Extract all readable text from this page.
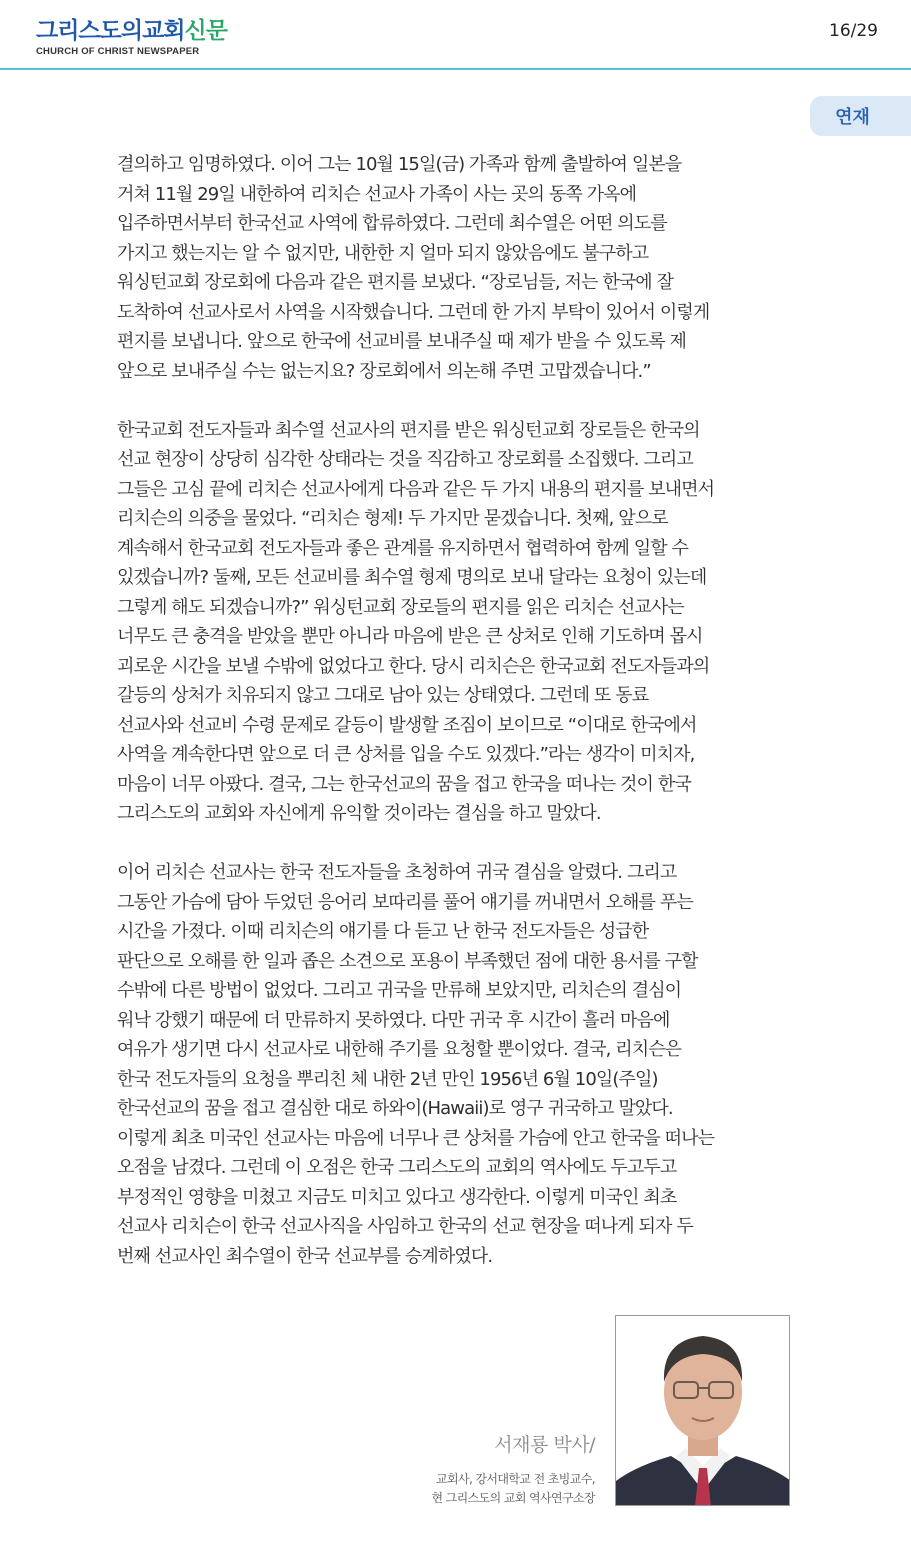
그리스도의교회신문
CHURCH OF CHRIST NEWSPAPER
16/29
연재
결의하고 임명하였다. 이어 그는 10월 15일(금) 가족과 함께 출발하여 일본을
거쳐 11월 29일 내한하여 리치슨 선교사 가족이 사는 곳의 동쪽 가옥에
입주하면서부터 한국선교 사역에 합류하였다. 그런데 최수열은 어떤 의도를
가지고 했는지는 알 수 없지만, 내한한 지 얼마 되지 않았음에도 불구하고
워싱턴교회 장로회에 다음과 같은 편지를 보냈다. “장로님들, 저는 한국에 잘
도착하여 선교사로서 사역을 시작했습니다. 그런데 한 가지 부탁이 있어서 이렇게
편지를 보냅니다. 앞으로 한국에 선교비를 보내주실 때 제가 받을 수 있도록 제
앞으로 보내주실 수는 없는지요? 장로회에서 의논해 주면 고맙겠습니다.”
한국교회 전도자들과 최수열 선교사의 편지를 받은 워싱턴교회 장로들은 한국의
선교 현장이 상당히 심각한 상태라는 것을 직감하고 장로회를 소집했다. 그리고
그들은 고심 끝에 리치슨 선교사에게 다음과 같은 두 가지 내용의 편지를 보내면서
리치슨의 의중을 물었다. “리치슨 형제! 두 가지만 묻겠습니다. 첫째, 앞으로
계속해서 한국교회 전도자들과 좋은 관계를 유지하면서 협력하여 함께 일할 수
있겠습니까? 둘째, 모든 선교비를 최수열 형제 명의로 보내 달라는 요청이 있는데
그렇게 해도 되겠습니까?” 워싱턴교회 장로들의 편지를 읽은 리치슨 선교사는
너무도 큰 충격을 받았을 뿐만 아니라 마음에 받은 큰 상처로 인해 기도하며 몹시
괴로운 시간을 보낼 수밖에 없었다고 한다. 당시 리치슨은 한국교회 전도자들과의
갈등의 상처가 치유되지 않고 그대로 남아 있는 상태였다. 그런데 또 동료
선교사와 선교비 수령 문제로 갈등이 발생할 조짐이 보이므로 “이대로 한국에서
사역을 계속한다면 앞으로 더 큰 상처를 입을 수도 있겠다.”라는 생각이 미치자,
마음이 너무 아팠다. 결국, 그는 한국선교의 꿈을 접고 한국을 떠나는 것이 한국
그리스도의 교회와 자신에게 유익할 것이라는 결심을 하고 말았다.
이어 리치슨 선교사는 한국 전도자들을 초청하여 귀국 결심을 알렸다. 그리고
그동안 가슴에 담아 두었던 응어리 보따리를 풀어 얘기를 꺼내면서 오해를 푸는
시간을 가졌다. 이때 리치슨의 얘기를 다 듣고 난 한국 전도자들은 성급한
판단으로 오해를 한 일과 좁은 소견으로 포용이 부족했던 점에 대한 용서를 구할
수밖에 다른 방법이 없었다. 그리고 귀국을 만류해 보았지만, 리치슨의 결심이
워낙 강했기 때문에 더 만류하지 못하였다. 다만 귀국 후 시간이 흘러 마음에
여유가 생기면 다시 선교사로 내한해 주기를 요청할 뿐이었다. 결국, 리치슨은
한국 전도자들의 요청을 뿌리친 체 내한 2년 만인 1956년 6월 10일(주일)
한국선교의 꿈을 접고 결심한 대로 하와이(Hawaii)로 영구 귀국하고 말았다.
이렇게 최초 미국인 선교사는 마음에 너무나 큰 상처를 가슴에 안고 한국을 떠나는
오점을 남겼다. 그런데 이 오점은 한국 그리스도의 교회의 역사에도 두고두고
부정적인 영향을 미쳤고 지금도 미치고 있다고 생각한다. 이렇게 미국인 최초
선교사 리치슨이 한국 선교사직을 사임하고 한국의 선교 현장을 떠나게 되자 두
번째 선교사인 최수열이 한국 선교부를 승계하였다.
서재룡 박사/
교회사, 강서대학교 전 초빙교수,
현 그리스도의 교회 역사연구소장
